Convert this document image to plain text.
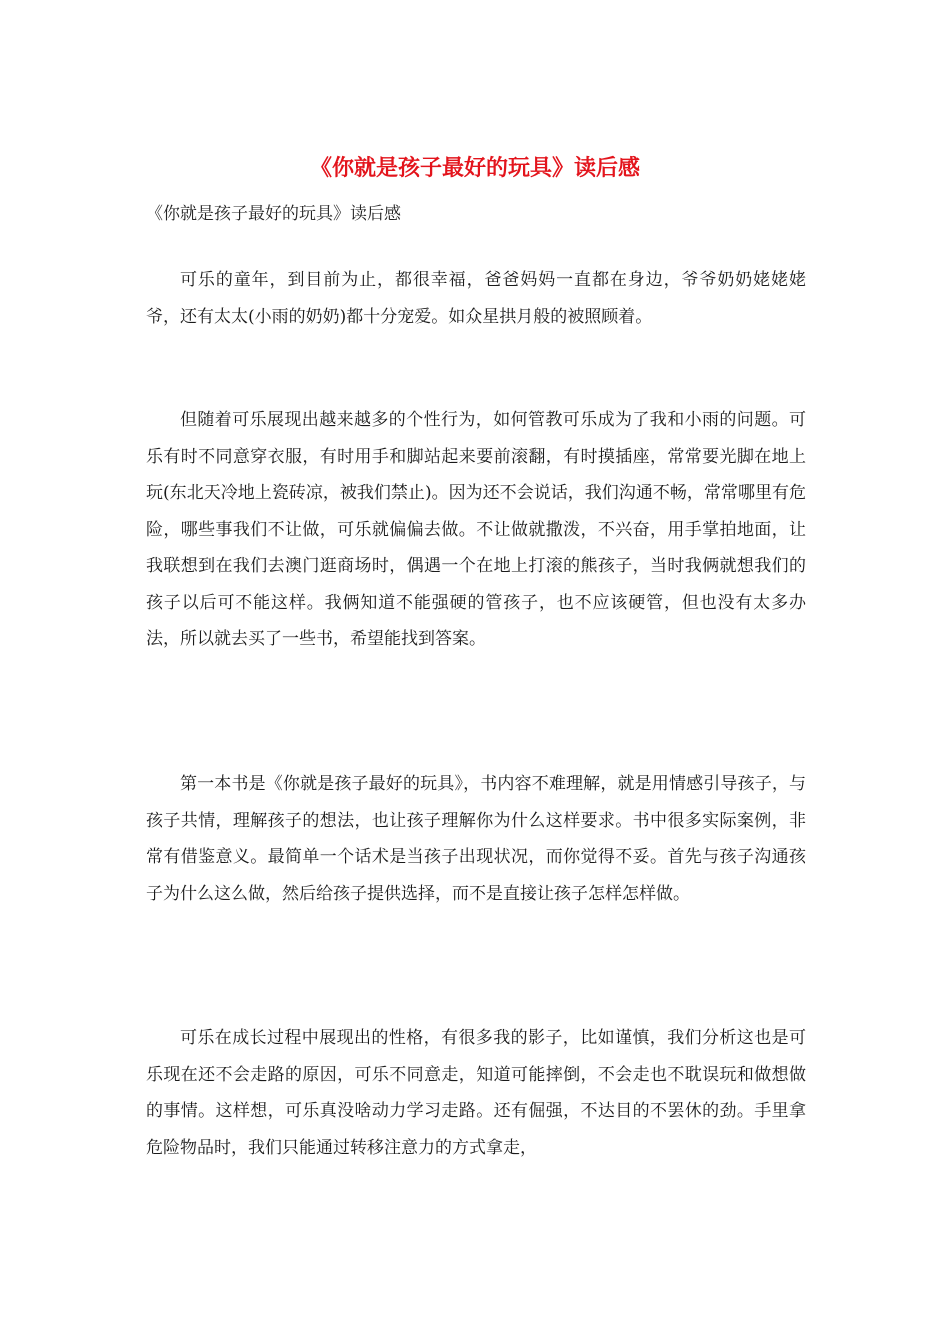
《你就是孩子最好的玩具》读后感
《你就是孩子最好的玩具》读后感

可乐的童年，到目前为止，都很幸福，爸爸妈妈一直都在身边，爷爷奶奶姥姥姥爷，还有太太(小雨的奶奶)都十分宠爱。如众星拱月般的被照顾着。

但随着可乐展现出越来越多的个性行为，如何管教可乐成为了我和小雨的问题。可乐有时不同意穿衣服，有时用手和脚站起来要前滚翻，有时摸插座，常常要光脚在地上玩(东北天冷地上瓷砖凉，被我们禁止)。因为还不会说话，我们沟通不畅，常常哪里有危险，哪些事我们不让做，可乐就偏偏去做。不让做就撒泼，不兴奋，用手掌拍地面，让我联想到在我们去澳门逛商场时，偶遇一个在地上打滚的熊孩子，当时我俩就想我们的孩子以后可不能这样。我俩知道不能强硬的管孩子，也不应该硬管，但也没有太多办法，所以就去买了一些书，希望能找到答案。

第一本书是《你就是孩子最好的玩具》，书内容不难理解，就是用情感引导孩子，与孩子共情，理解孩子的想法，也让孩子理解你为什么这样要求。书中很多实际案例，非常有借鉴意义。最简单一个话术是当孩子出现状况，而你觉得不妥。首先与孩子沟通孩子为什么这么做，然后给孩子提供选择，而不是直接让孩子怎样怎样做。

可乐在成长过程中展现出的性格，有很多我的影子，比如谨慎，我们分析这也是可乐现在还不会走路的原因，可乐不同意走，知道可能摔倒，不会走也不耽误玩和做想做的事情。这样想，可乐真没啥动力学习走路。还有倔强，不达目的不罢休的劲。手里拿危险物品时，我们只能通过转移注意力的方式拿走，
